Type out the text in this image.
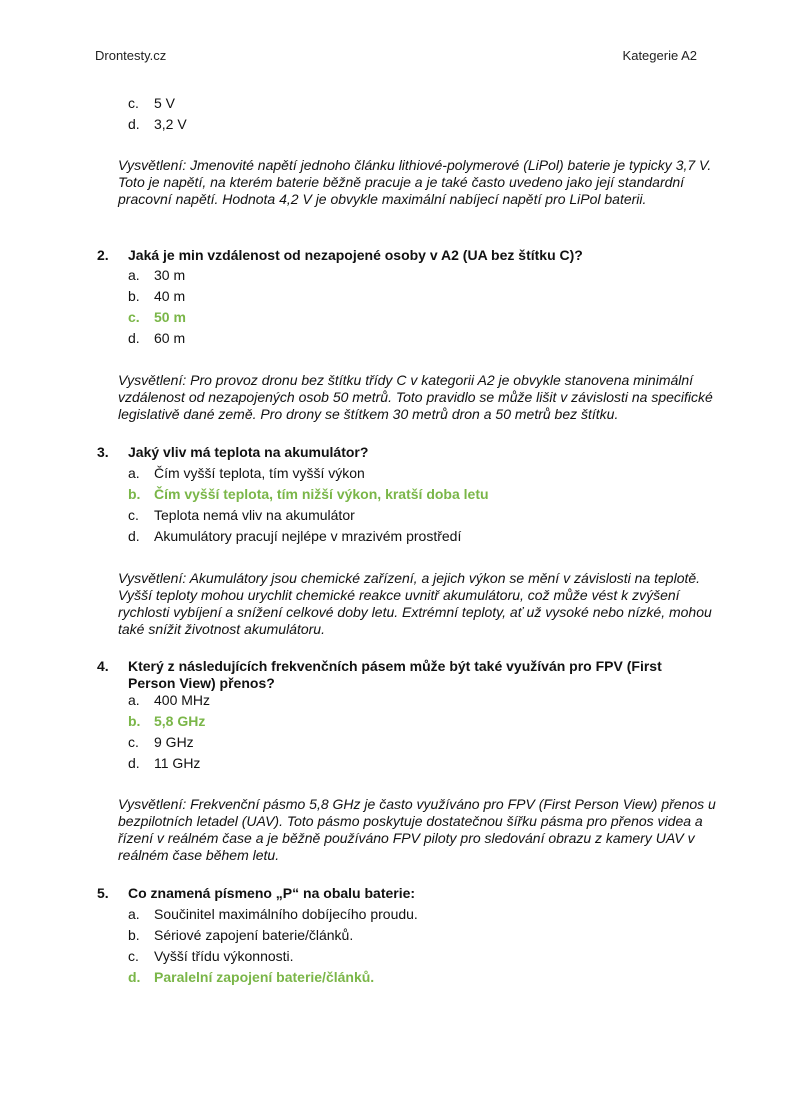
Drontesty.cz	Kategerie A2
c. 5 V
d. 3,2 V
Vysvětlení: Jmenovité napětí jednoho článku lithiové-polymerové (LiPol) baterie je typicky 3,7 V. Toto je napětí, na kterém baterie běžně pracuje a je také často uvedeno jako její standardní pracovní napětí. Hodnota 4,2 V je obvykle maximální nabíjecí napětí pro LiPol baterii.
2. Jaká je min vzdálenost od nezapojené osoby v A2 (UA bez štítku C)?
a. 30 m
b. 40 m
c. 50 m
d. 60 m
Vysvětlení: Pro provoz dronu bez štítku třídy C v kategorii A2 je obvykle stanovena minimální vzdálenost od nezapojených osob 50 metrů. Toto pravidlo se může lišit v závislosti na specifické legislativě dané země. Pro drony se štítkem 30 metrů dron a 50 metrů bez štítku.
3. Jaký vliv má teplota na akumulátor?
a. Čím vyšší teplota, tím vyšší výkon
b. Čím vyšší teplota, tím nižší výkon, kratší doba letu
c. Teplota nemá vliv na akumulátor
d. Akumulátory pracují nejlépe v mrazivém prostředí
Vysvětlení: Akumulátory jsou chemické zařízení, a jejich výkon se mění v závislosti na teplotě. Vyšší teploty mohou urychlit chemické reakce uvnitř akumulátoru, což může vést k zvýšení rychlosti vybíjení a snížení celkové doby letu. Extrémní teploty, ať už vysoké nebo nízké, mohou také snížit životnost akumulátoru.
4. Který z následujících frekvenčních pásem může být také využíván pro FPV (First Person View) přenos?
a. 400 MHz
b. 5,8 GHz
c. 9 GHz
d. 11 GHz
Vysvětlení: Frekvenční pásmo 5,8 GHz je často využíváno pro FPV (First Person View) přenos u bezpilotních letadel (UAV). Toto pásmo poskytuje dostatečnou šířku pásma pro přenos videa a řízení v reálném čase a je běžně používáno FPV piloty pro sledování obrazu z kamery UAV v reálném čase během letu.
5. Co znamená písmeno „P“ na obalu baterie:
a. Součinitel maximálního dobíjecího proudu.
b. Sériové zapojení baterie/článků.
c. Vyšší třídu výkonnosti.
d. Paralelní zapojení baterie/článků.
